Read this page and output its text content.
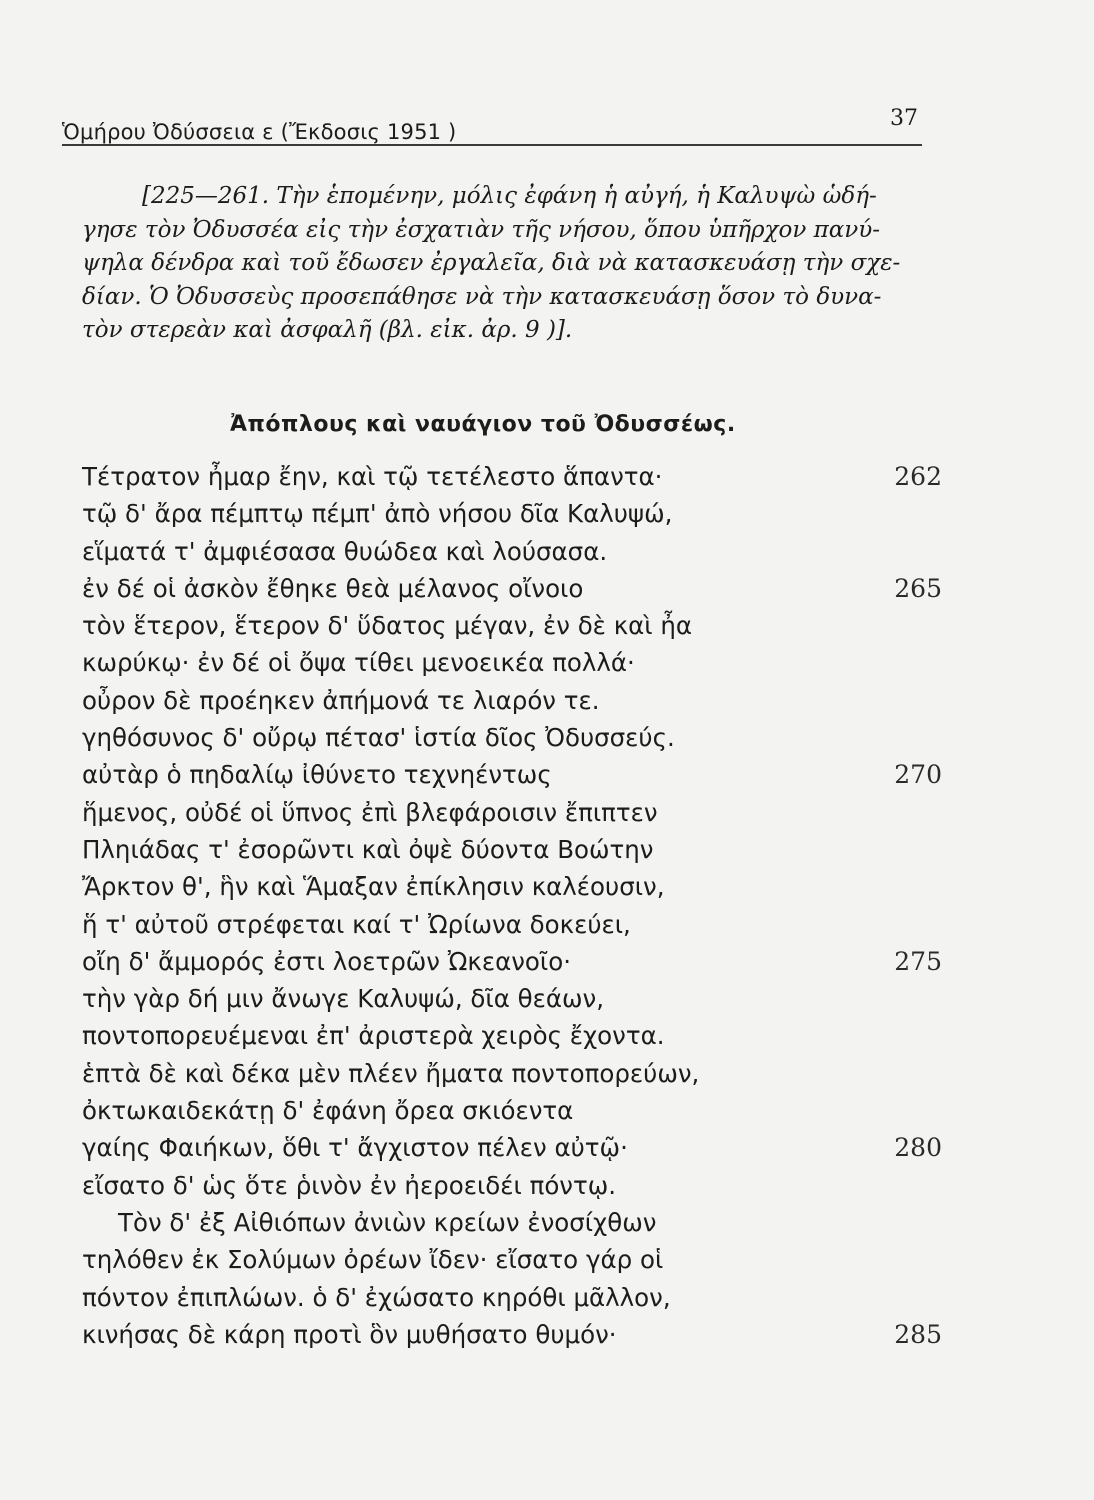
Ὁμήρου Ὀδύσσεια ε (Ἔκδοσις 1951 )
37
[225—261. Τὴν ἑπομένην, μόλις ἐφάνη ἡ αὐγή, ἡ Καλυψὼ ὡδή-
γησε τὸν Ὀδυσσέα εἰς τὴν ἐσχατιὰν τῆς νήσου, ὅπου ὑπῆρχον πανύ-
ψηλα δένδρα καὶ τοῦ ἔδωσεν ἐργαλεῖα, διὰ νὰ κατασκευάσῃ τὴν σχε-
δίαν. Ὁ Ὀδυσσεὺς προσεπάθησε νὰ τὴν κατασκευάσῃ ὅσον τὸ δυνα-
τὸν στερεὰν καὶ ἀσφαλῆ (βλ. εἰκ. ἀρ. 9 )].
Ἀπόπλους καὶ ναυάγιον τοῦ Ὀδυσσέως.
Τέτρατον ἦμαρ ἔην, καὶ τῷ τετέλεστο ἅπαντα·	262
τῷ δ' ἄρα πέμπτῳ πέμπ' ἀπὸ νήσου δῖα Καλυψώ,
εἵματά τ' ἀμφιέσασα θυώδεα καὶ λούσασα.
ἐν δέ οἱ ἀσκὸν ἔθηκε θεὰ μέλανος οἴνοιο	265
τὸν ἕτερον, ἕτερον δ' ὕδατος μέγαν, ἐν δὲ καὶ ἦα
κωρύκῳ· ἐν δέ οἱ ὄψα τίθει μενοεικέα πολλά·
οὖρον δὲ προέηκεν ἀπήμονά τε λιαρόν τε.
γηθόσυνος δ' οὔρῳ πέτασ' ἱστία δῖος Ὀδυσσεύς.
αὐτὰρ ὁ πηδαλίῳ ἰθύνετο τεχνηέντως	270
ἥμενος, οὐδέ οἱ ὕπνος ἐπὶ βλεφάροισιν ἔπιπτεν
Πληιάδας τ' ἐσορῶντι καὶ ὀψὲ δύοντα Βοώτην
Ἄρκτον θ', ἣν καὶ Ἅμαξαν ἐπίκλησιν καλέουσιν,
ἥ τ' αὐτοῦ στρέφεται καί τ' Ὠρίωνα δοκεύει,
οἴη δ' ἄμμορός ἐστι λοετρῶν Ὠκεανοῖο·	275
τὴν γὰρ δή μιν ἄνωγε Καλυψώ, δῖα θεάων,
ποντοπορευέμεναι ἐπ' ἀριστερὰ χειρὸς ἔχοντα.
ἑπτὰ δὲ καὶ δέκα μὲν πλέεν ἤματα ποντοπορεύων,
ὀκτωκαιδεκάτῃ δ' ἐφάνη ὄρεα σκιόεντα
γαίης Φαιήκων, ὅθι τ' ἄγχιστον πέλεν αὐτῷ·	280
εἴσατο δ' ὡς ὅτε ῥινὸν ἐν ἠεροειδέι πόντῳ.
Τὸν δ' ἐξ Αἰθιόπων ἀνιὼν κρείων ἐνοσίχθων
τηλόθεν ἐκ Σολύμων ὀρέων ἴδεν· εἴσατο γάρ οἱ
πόντον ἐπιπλώων. ὁ δ' ἐχώσατο κηρόθι μᾶλλον,
κινήσας δὲ κάρη προτὶ ὃν μυθήσατο θυμόν·	285
